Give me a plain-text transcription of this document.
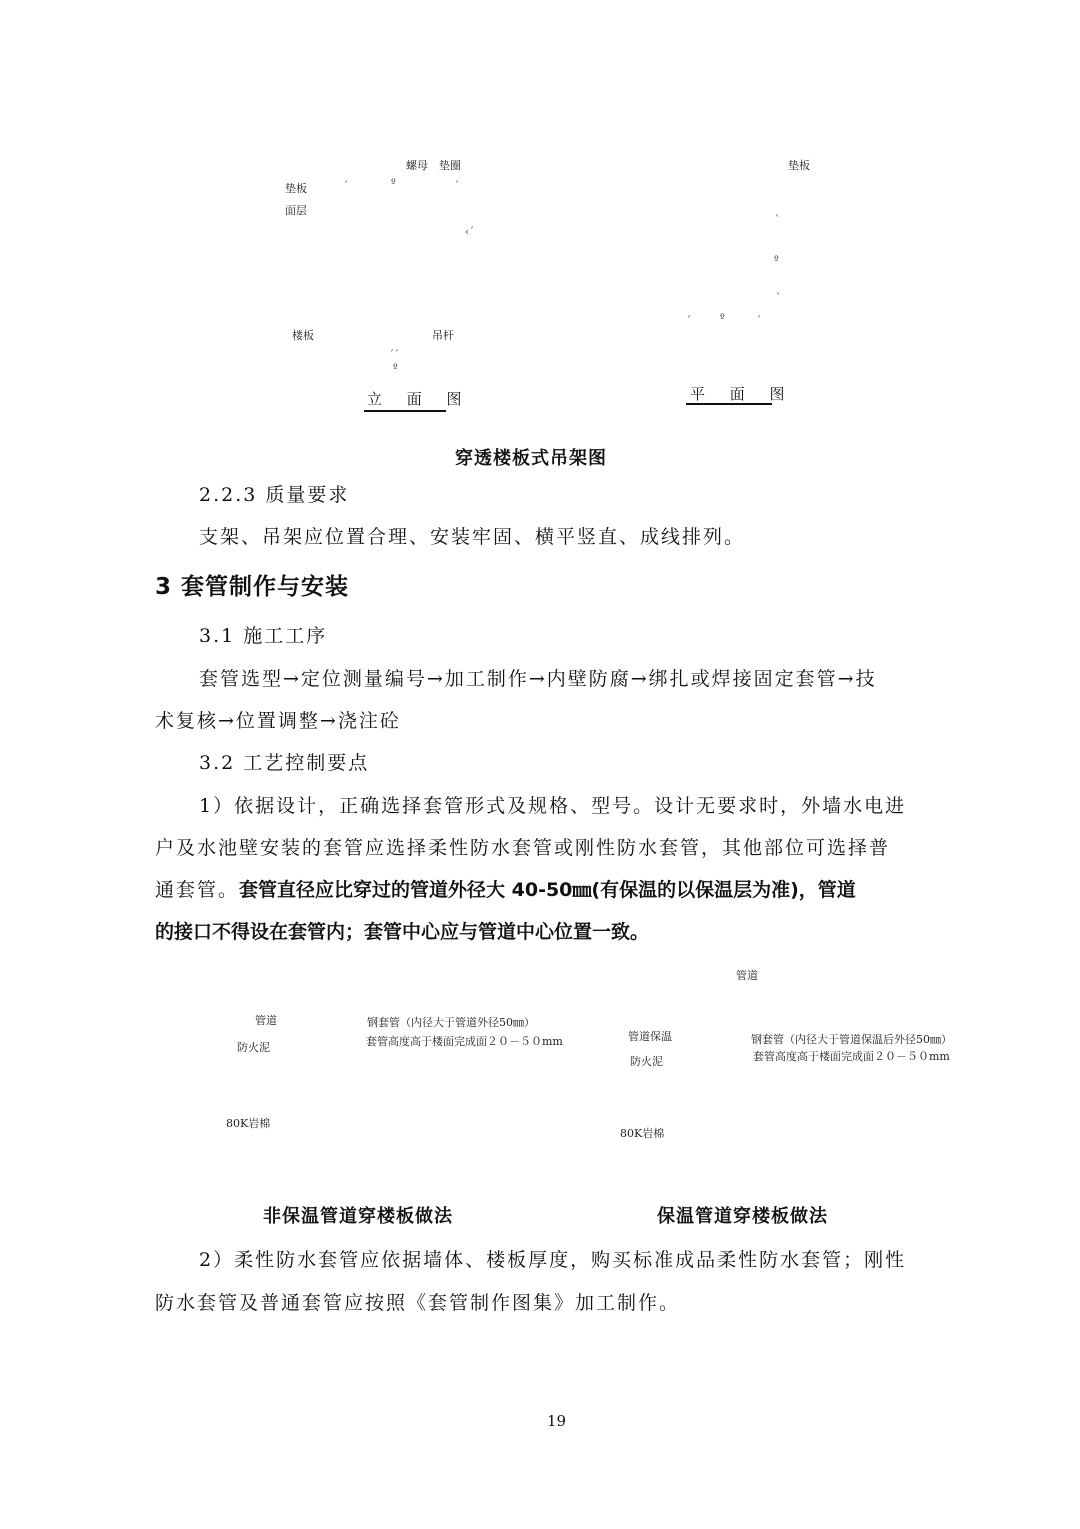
螺母　垫圈
垫板
面层
ˊ	º	ˊ
‹ˊ
楼板	吊杆
ˊˊ
º
垫板
ˋ
º
ˋ
ˊ	º	ˊ
立 面 图	平 面 图
穿透楼板式吊架图
2.2.3 质量要求
支架、吊架应位置合理、安装牢固、横平竖直、成线排列。
3 套管制作与安装
3.1 施工工序
套管选型→定位测量编号→加工制作→内壁防腐→绑扎或焊接固定套管→技
术复核→位置调整→浇注砼
3.2 工艺控制要点
1）依据设计，正确选择套管形式及规格、型号。设计无要求时，外墙水电进
户及水池壁安装的套管应选择柔性防水套管或刚性防水套管，其他部位可选择普
通套管。套管直径应比穿过的管道外径大 40-50㎜(有保温的以保温层为准)，管道
的接口不得设在套管内；套管中心应与管道中心位置一致。
管道
防火泥
钢套管（内径大于管道外径50㎜）
套管高度高于楼面完成面２０－５０mm
80K岩棉
管道
管道保温
防火泥
钢套管（内径大于管道保温后外径50㎜）
套管高度高于楼面完成面２０－５０mm
80K岩棉
非保温管道穿楼板做法	保温管道穿楼板做法
2）柔性防水套管应依据墙体、楼板厚度，购买标准成品柔性防水套管；刚性
防水套管及普通套管应按照《套管制作图集》加工制作。
19
